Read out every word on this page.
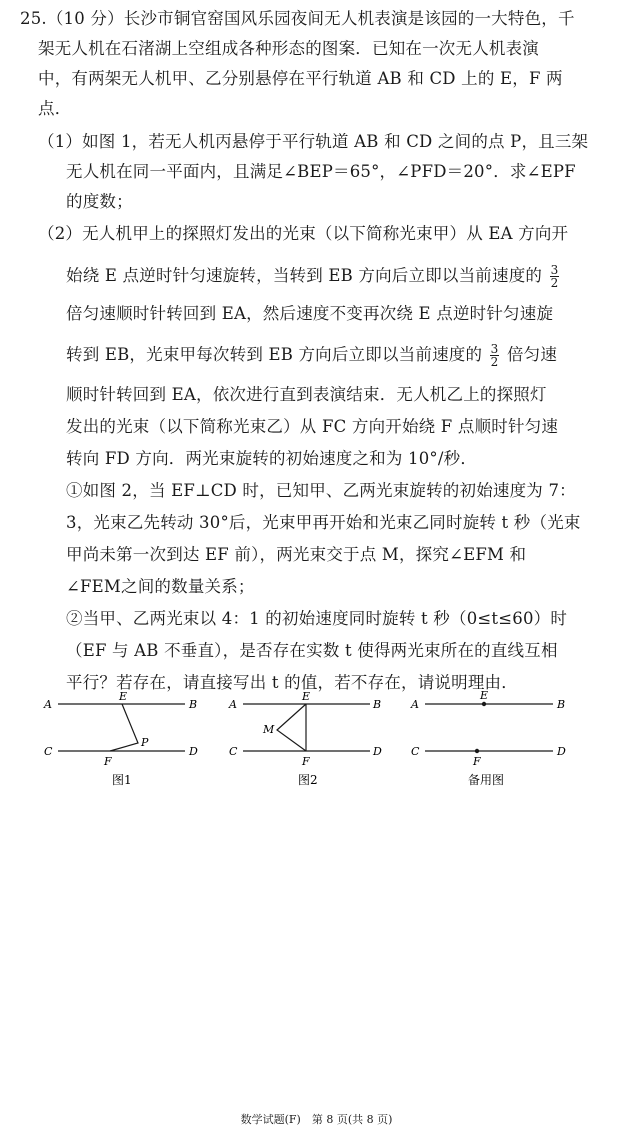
25.（10 分）长沙市铜官窑国风乐园夜间无人机表演是该园的一大特色，千
架无人机在石渚湖上空组成各种形态的图案．已知在一次无人机表演
中，有两架无人机甲、乙分别悬停在平行轨道 AB 和 CD 上的 E，F 两
点．
（1）如图 1，若无人机丙悬停于平行轨道 AB 和 CD 之间的点 P，且三架
无人机在同一平面内，且满足∠BEP＝65°，∠PFD＝20°．求∠EPF
的度数；
（2）无人机甲上的探照灯发出的光束（以下简称光束甲）从 EA 方向开
始绕 E 点逆时针匀速旋转，当转到 EB 方向后立即以当前速度的 $\frac{3}{2}$
倍匀速顺时针转回到 EA，然后速度不变再次绕 E 点逆时针匀速旋
转到 EB，光束甲每次转到 EB 方向后立即以当前速度的 $\frac{3}{2}$ 倍匀速
顺时针转回到 EA，依次进行直到表演结束．无人机乙上的探照灯
发出的光束（以下简称光束乙）从 FC 方向开始绕 F 点顺时针匀速
转向 FD 方向．两光束旋转的初始速度之和为 10°/秒．
①如图 2，当 EF⊥CD 时，已知甲、乙两光束旋转的初始速度为 7：
3，光束乙先转动 30°后，光束甲再开始和光束乙同时旋转 t 秒（光束
甲尚未第一次到达 EF 前），两光束交于点 M，探究∠EFM 和
∠FEM之间的数量关系；
②当甲、乙两光束以 4：1 的初始速度同时旋转 t 秒（0≤t≤60）时
（EF 与 AB 不垂直），是否存在实数 t 使得两光束所在的直线互相
平行？若存在，请直接写出 t 的值，若不存在，请说明理由．
A	B
C	D
E
F
P
图1
A	B
C	D
E
F
M
图2
A	B
C	D
E
F
备用图
数学试题(F)　第 8 页(共 8 页)
